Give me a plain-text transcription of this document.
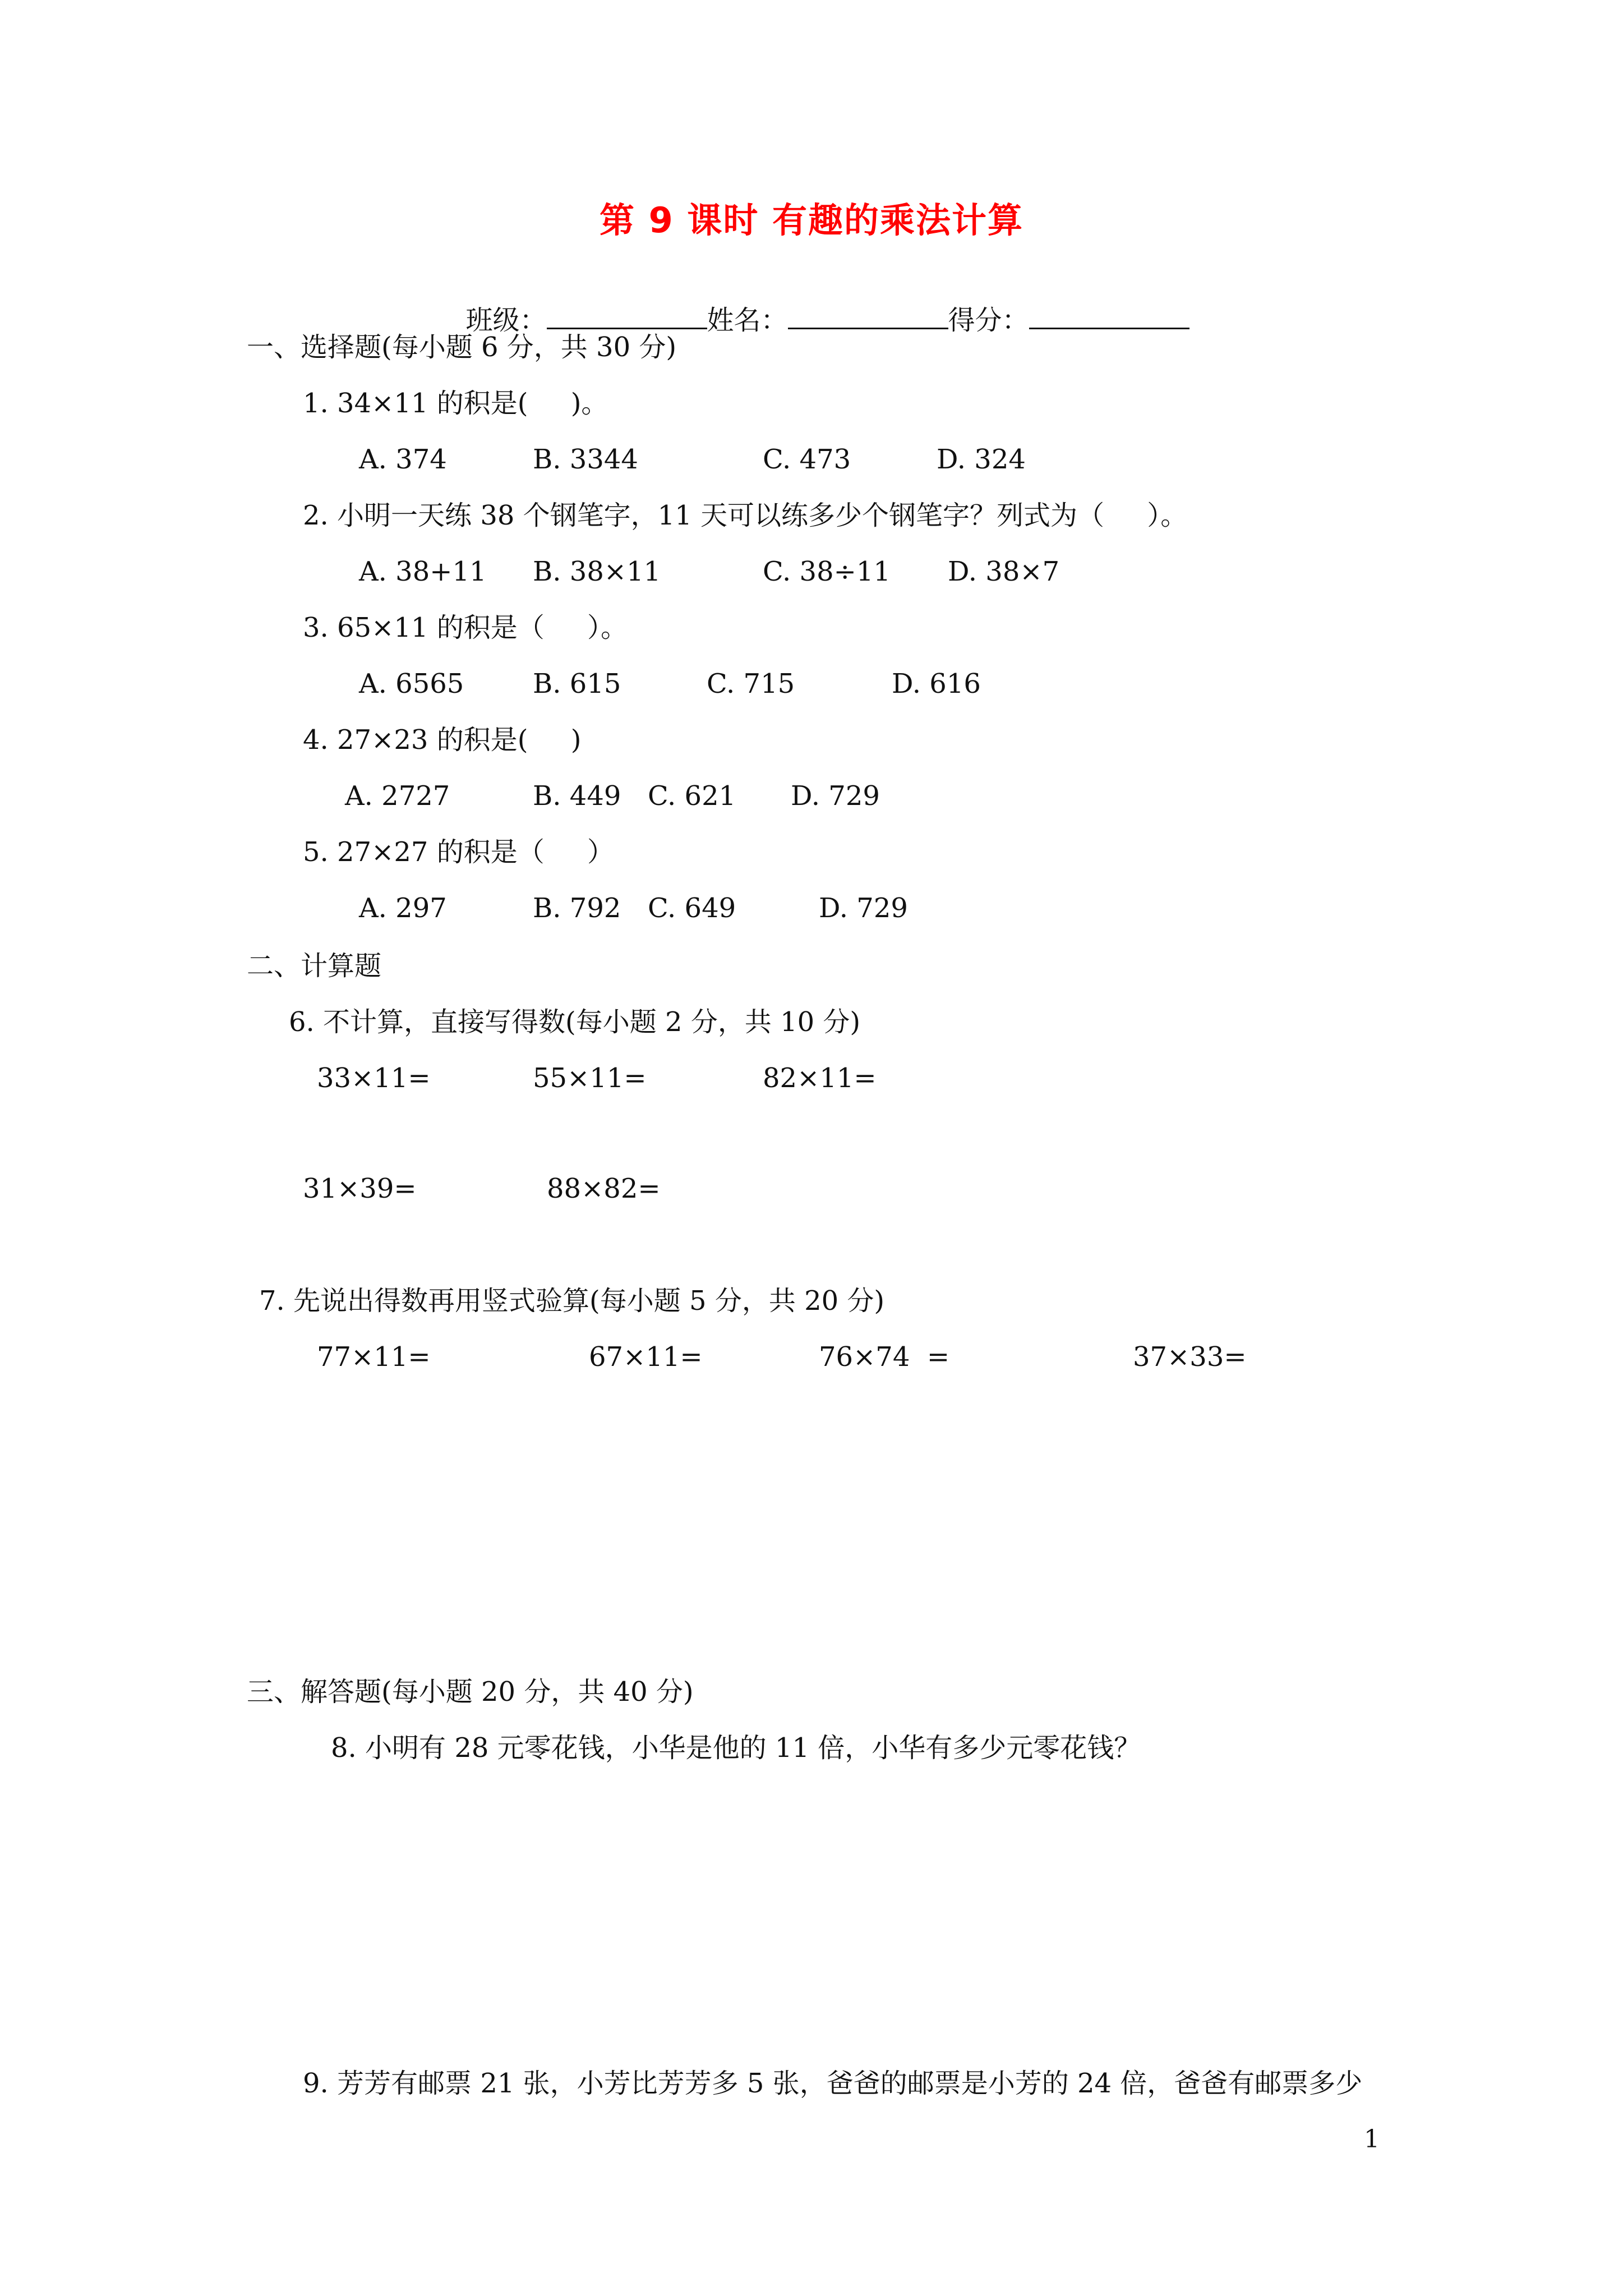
第 9 课时 有趣的乘法计算

班级：	姓名：	得分：

一、选择题(每小题 6 分，共 30 分)
1. 34×11 的积是(     )。
A. 374	B. 3344	C. 473	D. 324
2. 小明一天练 38 个钢笔字，11 天可以练多少个钢笔字？列式为（     ）。
A. 38+11 B. 38×11	C. 38÷11 D. 38×7
3. 65×11 的积是（     ）。
A. 6565	B. 615	C. 715	D. 616
4. 27×23 的积是(     )
A. 2727	B. 449 C. 621 D. 729
5. 27×27 的积是（     ）
A. 297	B. 792 C. 649	D. 729
二、计算题
6. 不计算，直接写得数(每小题 2 分，共 10 分)
33×11=	55×11=	82×11=
31×39=	88×82=
7. 先说出得数再用竖式验算(每小题 5 分，共 20 分)
77×11=	67×11=	76×74  =	37×33=
三、解答题(每小题 20 分，共 40 分)
8. 小明有 28 元零花钱，小华是他的 11 倍，小华有多少元零花钱？
9. 芳芳有邮票 21 张，小芳比芳芳多 5 张，爸爸的邮票是小芳的 24 倍，爸爸有邮票多少
1
